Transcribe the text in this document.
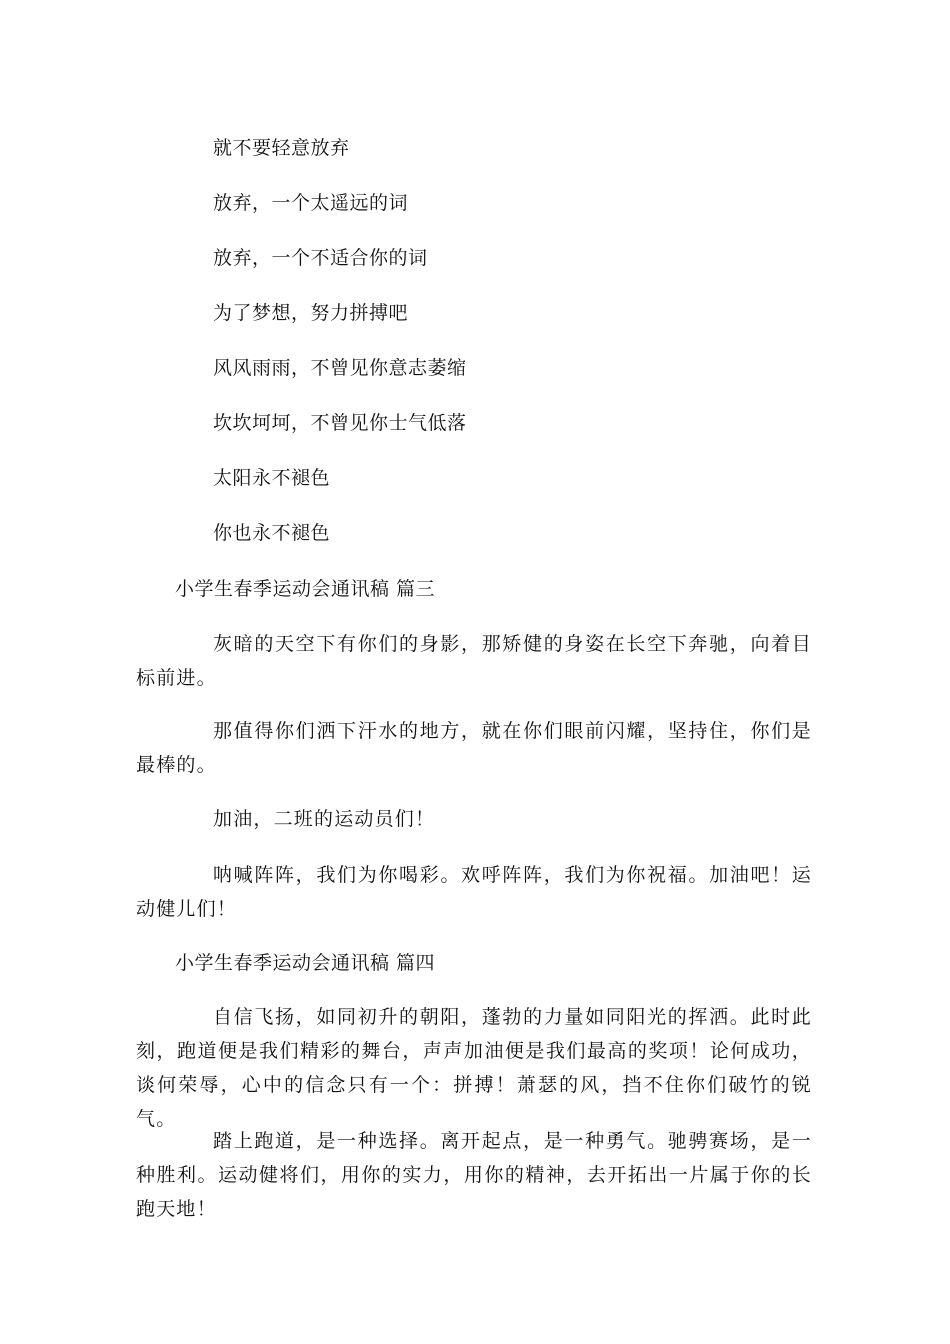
就不要轻意放弃
放弃，一个太遥远的词
放弃，一个不适合你的词
为了梦想，努力拼搏吧
风风雨雨，不曾见你意志萎缩
坎坎坷坷，不曾见你士气低落
太阳永不褪色
你也永不褪色
小学生春季运动会通讯稿 篇三
灰暗的天空下有你们的身影，那矫健的身姿在长空下奔驰，向着目标前进。
那值得你们洒下汗水的地方，就在你们眼前闪耀，坚持住，你们是最棒的。
加油，二班的运动员们！
呐喊阵阵，我们为你喝彩。欢呼阵阵，我们为你祝福。加油吧！运动健儿们！
小学生春季运动会通讯稿 篇四
自信飞扬，如同初升的朝阳，蓬勃的力量如同阳光的挥洒。此时此刻，跑道便是我们精彩的舞台，声声加油便是我们最高的奖项！论何成功，谈何荣辱，心中的信念只有一个：拼搏！萧瑟的风，挡不住你们破竹的锐气。
踏上跑道，是一种选择。离开起点，是一种勇气。驰骋赛场，是一种胜利。运动健将们，用你的实力，用你的精神，去开拓出一片属于你的长跑天地！
